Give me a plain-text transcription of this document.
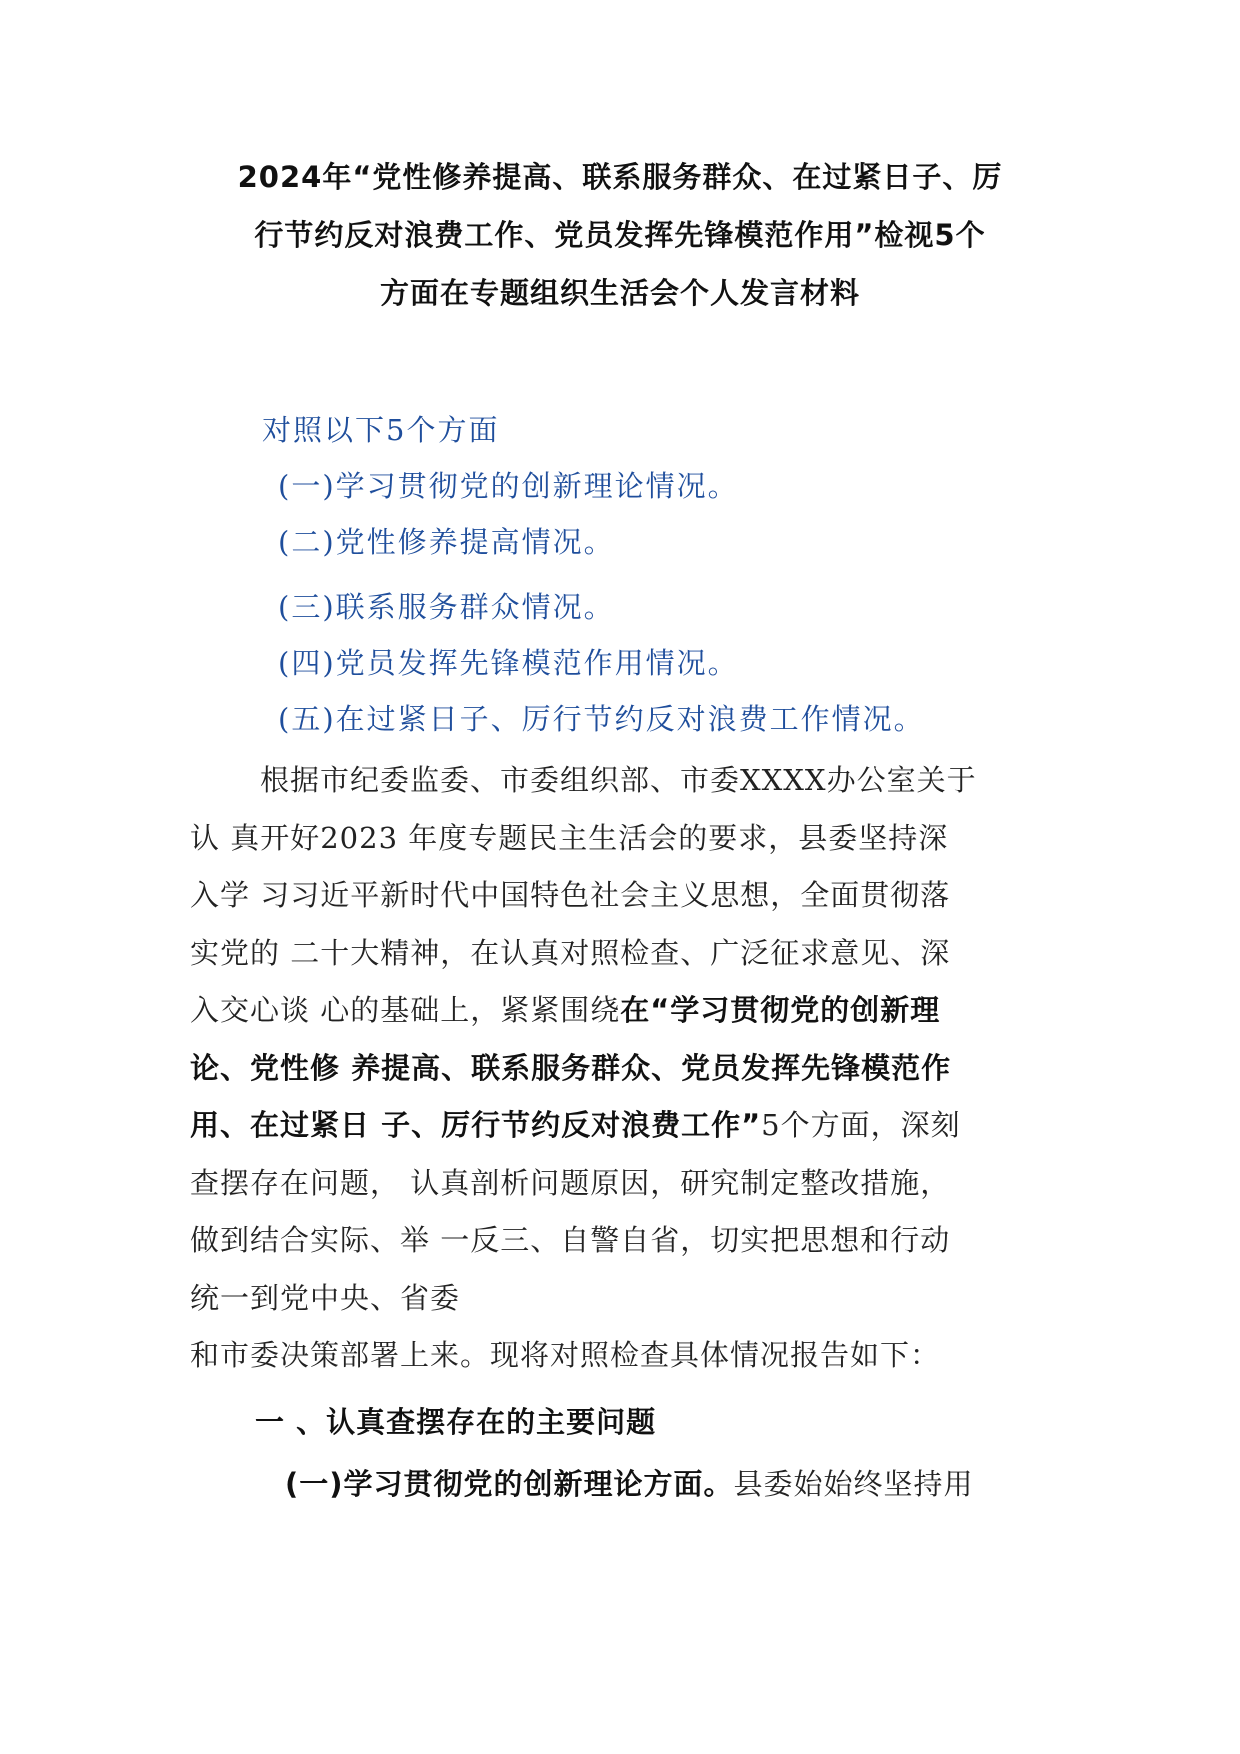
2024年“党性修养提高、联系服务群众、在过紧日子、厉
行节约反对浪费工作、党员发挥先锋模范作用”检视5个
方面在专题组织生活会个人发言材料
对照以下5个方面
(一)学习贯彻党的创新理论情况。
(二)党性修养提高情况。
(三)联系服务群众情况。
(四)党员发挥先锋模范作用情况。
(五)在过紧日子、厉行节约反对浪费工作情况。
根据市纪委监委、市委组织部、市委XXXX办公室关于
认 真开好2023 年度专题民主生活会的要求，县委坚持深
入学 习习近平新时代中国特色社会主义思想，全面贯彻落
实党的 二十大精神，在认真对照检查、广泛征求意见、深
入交心谈 心的基础上，紧紧围绕在“学习贯彻党的创新理
论、党性修 养提高、联系服务群众、党员发挥先锋模范作
用、在过紧日 子、厉行节约反对浪费工作”5个方面，深刻
查摆存在问题， 认真剖析问题原因，研究制定整改措施，
做到结合实际、举 一反三、自警自省，切实把思想和行动
统一到党中央、省委
和市委决策部署上来。现将对照检查具体情况报告如下：
一 、认真查摆存在的主要问题
(一)学习贯彻党的创新理论方面。县委始始终坚持用
